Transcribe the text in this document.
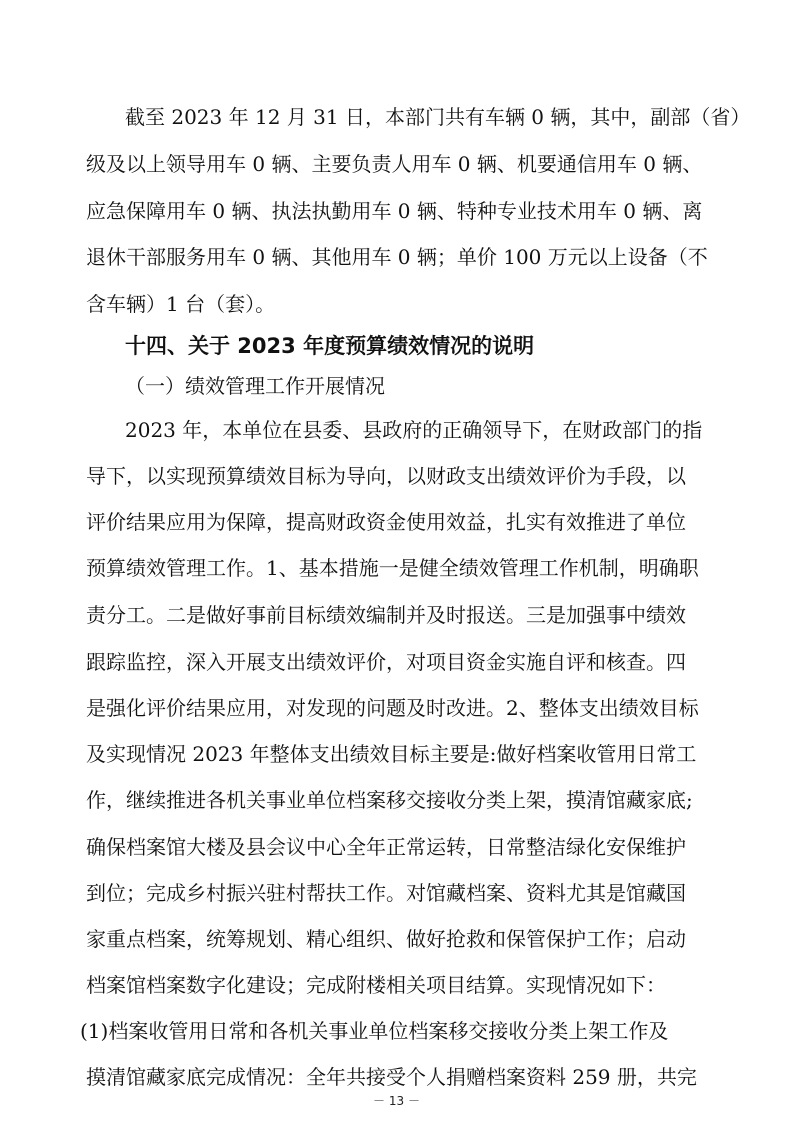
截至 2023 年 12 月 31 日，本部门共有车辆 0 辆，其中，副部（省）
级及以上领导用车 0 辆、主要负责人用车 0 辆、机要通信用车 0 辆、
应急保障用车 0 辆、执法执勤用车 0 辆、特种专业技术用车 0 辆、离
退休干部服务用车 0 辆、其他用车 0 辆；单价 100 万元以上设备（不
含车辆）1 台（套）。
十四、关于 2023 年度预算绩效情况的说明
（一）绩效管理工作开展情况
2023 年，本单位在县委、县政府的正确领导下，在财政部门的指
导下，以实现预算绩效目标为导向，以财政支出绩效评价为手段，以
评价结果应用为保障，提高财政资金使用效益，扎实有效推进了单位
预算绩效管理工作。1、基本措施一是健全绩效管理工作机制，明确职
责分工。二是做好事前目标绩效编制并及时报送。三是加强事中绩效
跟踪监控，深入开展支出绩效评价，对项目资金实施自评和核查。四
是强化评价结果应用，对发现的问题及时改进。2、整体支出绩效目标
及实现情况 2023 年整体支出绩效目标主要是:做好档案收管用日常工
作，继续推进各机关事业单位档案移交接收分类上架，摸清馆藏家底;
确保档案馆大楼及县会议中心全年正常运转，日常整洁绿化安保维护
到位；完成乡村振兴驻村帮扶工作。对馆藏档案、资料尤其是馆藏国
家重点档案，统筹规划、精心组织、做好抢救和保管保护工作；启动
档案馆档案数字化建设；完成附楼相关项目结算。实现情况如下：
(1)档案收管用日常和各机关事业单位档案移交接收分类上架工作及
摸清馆藏家底完成情况：全年共接受个人捐赠档案资料 259 册，共完
－ 13 －
